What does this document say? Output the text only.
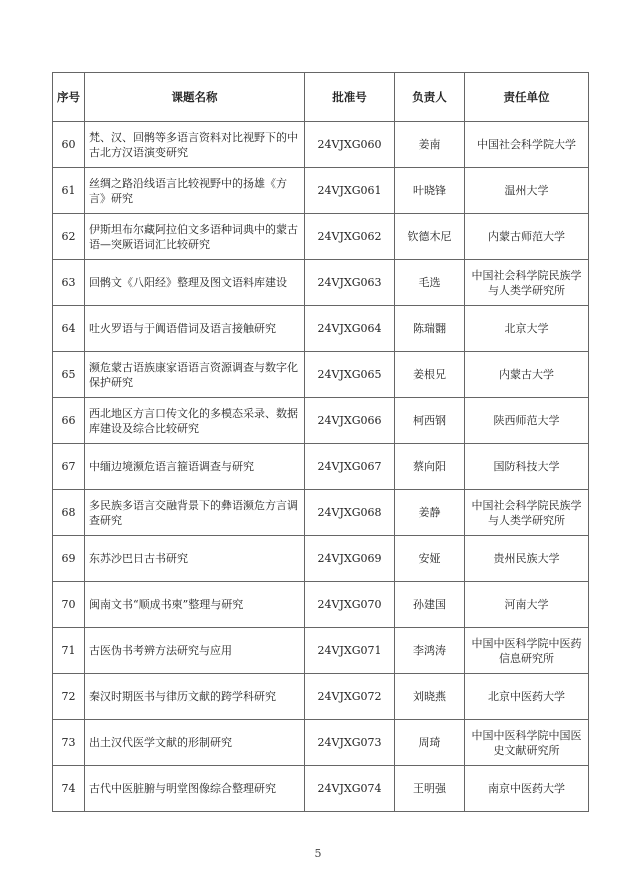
序号	课题名称	批准号	负责人	责任单位
60	梵、汉、回鹘等多语言资料对比视野下的中古北方汉语演变研究	24VJXG060	姜南	中国社会科学院大学
61	丝绸之路沿线语言比较视野中的扬雄《方言》研究	24VJXG061	叶晓锋	温州大学
62	伊斯坦布尔藏阿拉伯文多语种词典中的蒙古语—突厥语词汇比较研究	24VJXG062	钦德木尼	内蒙古师范大学
63	回鹘文《八阳经》整理及图文语料库建设	24VJXG063	毛选	中国社会科学院民族学与人类学研究所
64	吐火罗语与于阗语借词及语言接触研究	24VJXG064	陈瑞翾	北京大学
65	濒危蒙古语族康家语语言资源调查与数字化保护研究	24VJXG065	姜根兄	内蒙古大学
66	西北地区方言口传文化的多模态采录、数据库建设及综合比较研究	24VJXG066	柯西钢	陕西师范大学
67	中缅边境濒危语言箍语调查与研究	24VJXG067	蔡向阳	国防科技大学
68	多民族多语言交融背景下的彝语濒危方言调查研究	24VJXG068	姜静	中国社会科学院民族学与人类学研究所
69	东苏沙巴日古书研究	24VJXG069	安娅	贵州民族大学
70	闽南文书“顺成书柬”整理与研究	24VJXG070	孙建国	河南大学
71	古医伪书考辨方法研究与应用	24VJXG071	李鸿涛	中国中医科学院中医药信息研究所
72	秦汉时期医书与律历文献的跨学科研究	24VJXG072	刘晓燕	北京中医药大学
73	出土汉代医学文献的形制研究	24VJXG073	周琦	中国中医科学院中国医史文献研究所
74	古代中医脏腑与明堂图像综合整理研究	24VJXG074	王明强	南京中医药大学
5
